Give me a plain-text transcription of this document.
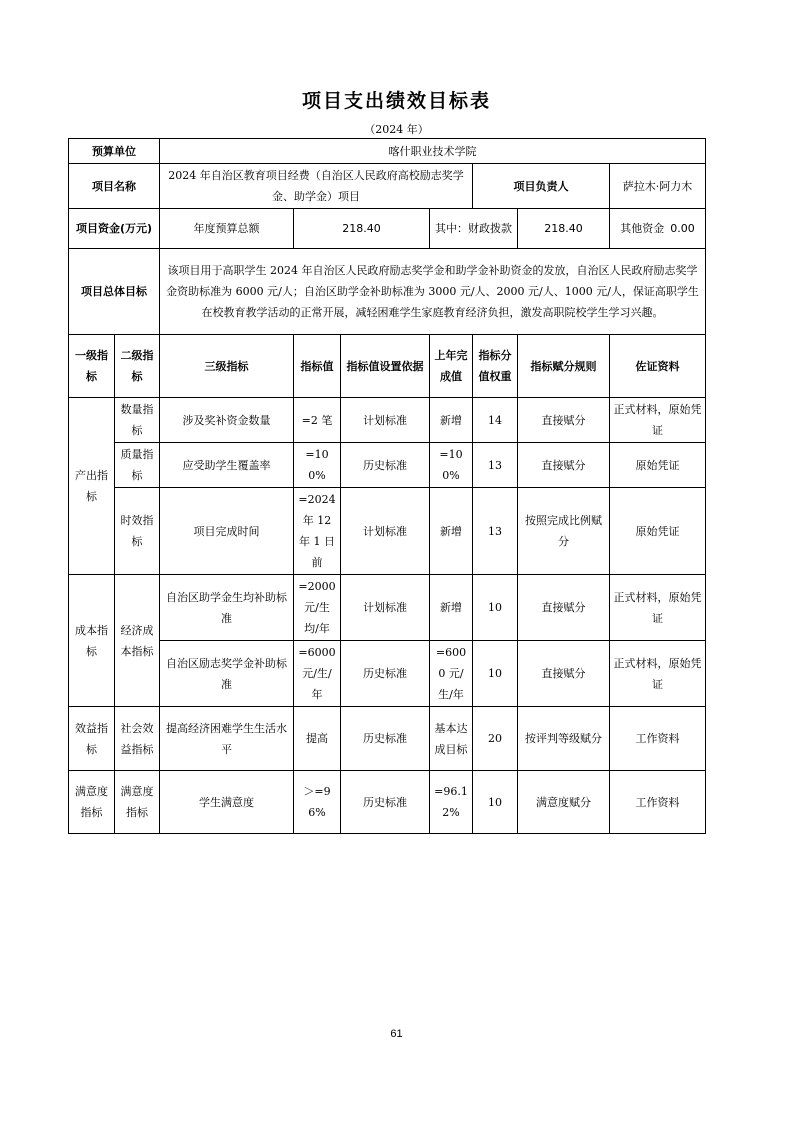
项目支出绩效目标表
（2024 年）
预算单位		喀什职业技术学院						
项目名称		2024 年自治区教育项目经费（自治区人民政府高校励志奖学金、助学金）项目				项目负责人		萨拉木·阿力木
项目资金(万元)		年度预算总额	218.40		其中：财政拨款		218.40	其他资金 0.00

项目总体目标		该项目用于高职学生 2024 年自治区人民政府励志奖学金和助学金补助资金的发放，自治区人民政府励志奖学金资助标准为 6000 元/人；自治区助学金补助标准为 3000 元/人、2000 元/人、1000 元/人，保证高职学生在校教育教学活动的正常开展，减轻困难学生家庭教育经济负担，激发高职院校学生学习兴趣。						
一级指标	二级指标	三级指标	指标值	指标值设置依据	上年完成值	指标分值权重	指标赋分规则	佐证资料
产出指标	数量指标	涉及奖补资金数量	=2 笔	计划标准	新增	14	直接赋分	正式材料，原始凭证
	质量指标	应受助学生覆盖率	=100%	历史标准	=100%	13	直接赋分	原始凭证
	时效指标	项目完成时间	=2024 年 12 年 1 日前	计划标准	新增	13	按照完成比例赋分	原始凭证
成本指标	经济成本指标	自治区助学金生均补助标准	=2000 元/生均/年	计划标准	新增	10	直接赋分	正式材料，原始凭证
		自治区励志奖学金补助标准	=6000 元/生/年	历史标准	=6000 元/生/年	10	直接赋分	正式材料，原始凭证
效益指标	社会效益指标	提高经济困难学生生活水平	提高	历史标准	基本达成目标	20	按评判等级赋分	工作资料
满意度指标	满意度指标	学生满意度	＞=96%	历史标准	=96.12%	10	满意度赋分	工作资料
61
